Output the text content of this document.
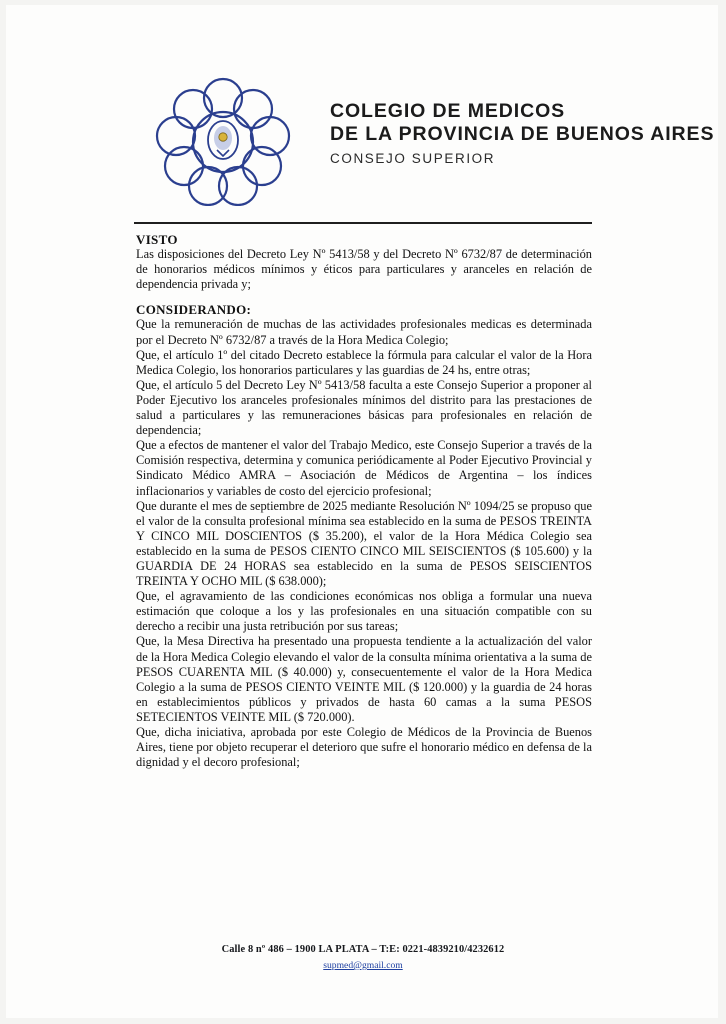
COLEGIO DE MEDICOS
DE LA PROVINCIA DE BUENOS AIRES
CONSEJO SUPERIOR

VISTO

Las disposiciones del Decreto Ley Nº 5413/58 y del Decreto Nº 6732/87 de determinación de honorarios médicos mínimos y éticos para particulares y aranceles en relación de dependencia privada y;

CONSIDERANDO:

Que la remuneración de muchas de las actividades profesionales medicas es determinada por el Decreto Nº 6732/87 a través de la Hora Medica Colegio;

Que, el artículo 1º del citado Decreto establece la fórmula para calcular el valor de la Hora Medica Colegio, los honorarios particulares y las guardias de 24 hs, entre otras;

Que, el artículo 5 del Decreto Ley Nº 5413/58 faculta a este Consejo Superior a proponer al Poder Ejecutivo los aranceles profesionales mínimos del distrito para las prestaciones de salud a particulares y las remuneraciones básicas para profesionales en relación de dependencia;

Que a efectos de mantener el valor del Trabajo Medico, este Consejo Superior a través de la Comisión respectiva, determina y comunica periódicamente al Poder Ejecutivo Provincial y Sindicato Médico AMRA – Asociación de Médicos de Argentina – los índices inflacionarios y variables de costo del ejercicio profesional;

Que durante el mes de septiembre de 2025 mediante Resolución Nº 1094/25 se propuso que el valor de la consulta profesional mínima sea establecido en la suma de PESOS TREINTA Y CINCO MIL DOSCIENTOS ($ 35.200), el valor de la Hora Médica Colegio sea establecido en la suma de PESOS CIENTO CINCO MIL SEISCIENTOS ($ 105.600) y la GUARDIA DE 24 HORAS sea establecido en la suma de PESOS SEISCIENTOS TREINTA Y OCHO MIL ($ 638.000);

Que, el agravamiento de las condiciones económicas nos obliga a formular una nueva estimación que coloque a los y las profesionales en una situación compatible con su derecho a recibir una justa retribución por sus tareas;

Que, la Mesa Directiva ha presentado una propuesta tendiente a la actualización del valor de la Hora Medica Colegio elevando el valor de la consulta mínima orientativa a la suma de PESOS CUARENTA MIL ($ 40.000) y, consecuentemente el valor de la Hora Medica Colegio a la suma de PESOS CIENTO VEINTE MIL ($ 120.000) y la guardia de 24 horas en establecimientos públicos y privados de hasta 60 camas a la suma PESOS SETECIENTOS VEINTE MIL ($ 720.000).

Que, dicha iniciativa, aprobada por este Colegio de Médicos de la Provincia de Buenos Aires, tiene por objeto recuperar el deterioro que sufre el honorario médico en defensa de la dignidad y el decoro profesional;

Calle 8 nº 486 – 1900 LA PLATA – T:E: 0221-4839210/4232612
supmed@gmail.com
